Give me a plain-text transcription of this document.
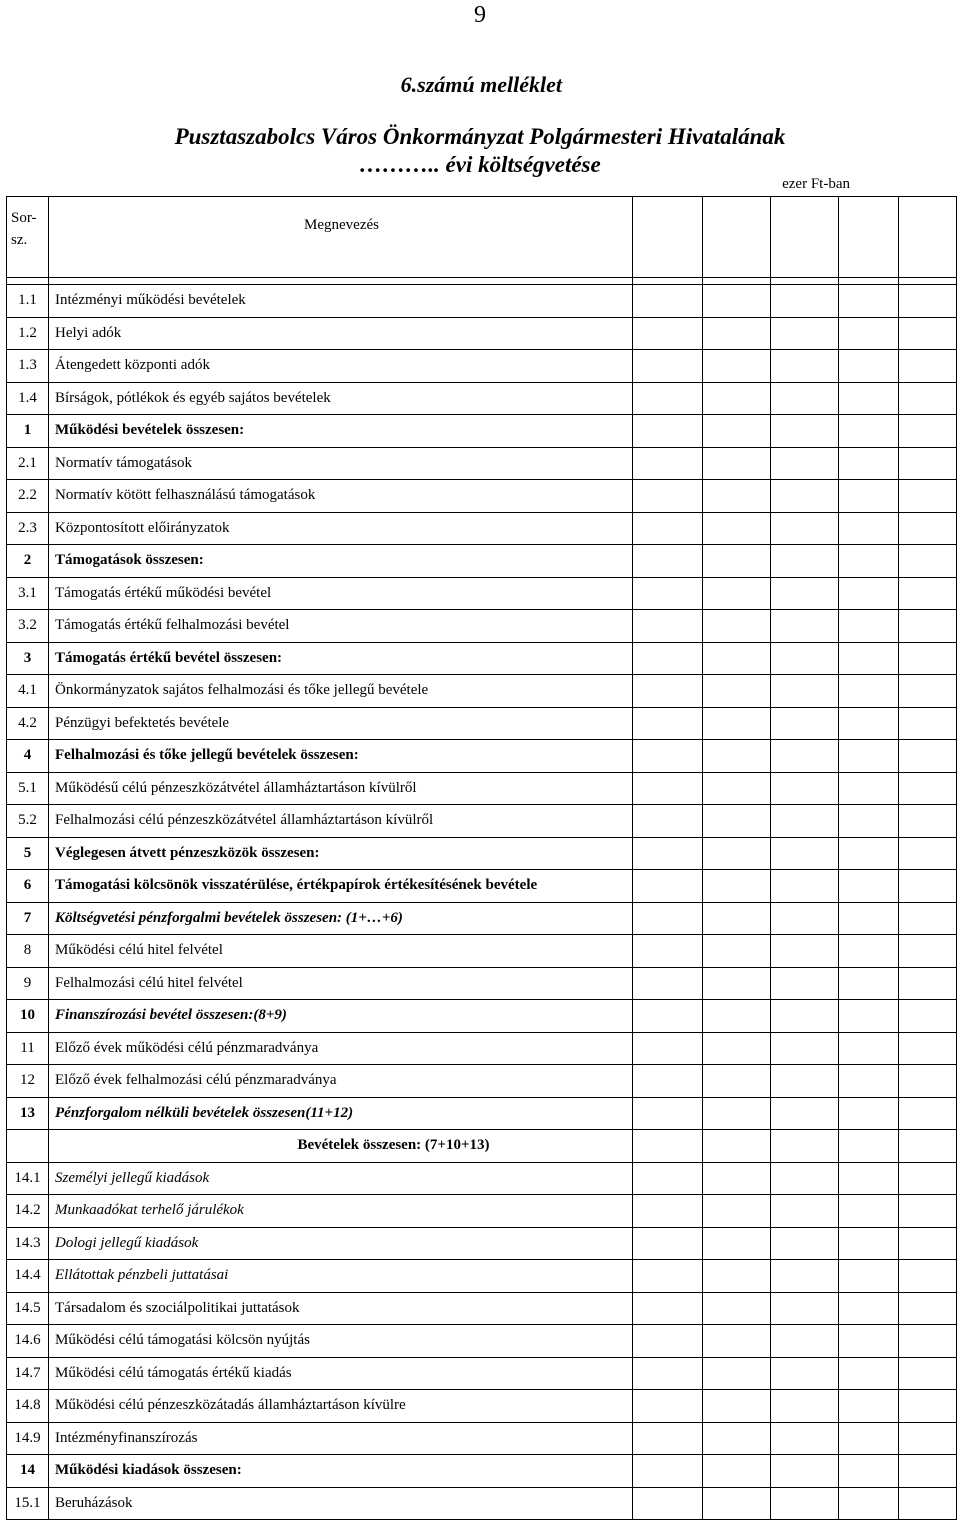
9
6.számú melléklet
Pusztaszabolcs Város Önkormányzat Polgármesteri Hivatalának
……….. évi költségvetése
ezer Ft-ban
Sor-
sz.	Megnevezés					

1.1	Intézményi működési bevételek					
1.2	Helyi adók					
1.3	Átengedett központi adók					
1.4	Bírságok, pótlékok és egyéb sajátos bevételek					
1	Működési bevételek összesen:					
2.1	Normatív támogatások					
2.2	Normatív kötött felhasználású támogatások					
2.3	Központosított előirányzatok					
2	Támogatások összesen:					
3.1	Támogatás értékű működési bevétel					
3.2	Támogatás értékű felhalmozási bevétel					
3	Támogatás értékű bevétel összesen:					
4.1	Önkormányzatok sajátos felhalmozási és tőke jellegű bevétele					
4.2	Pénzügyi befektetés bevétele					
4	Felhalmozási és tőke jellegű bevételek összesen:					
5.1	Működésű célú pénzeszközátvétel államháztartáson kívülről					
5.2	Felhalmozási célú pénzeszközátvétel államháztartáson kívülről					
5	Véglegesen átvett pénzeszközök összesen:					
6	Támogatási kölcsönök visszatérülése, értékpapírok értékesítésének bevétele					
7	Költségvetési pénzforgalmi bevételek összesen: (1+…+6)					
8	Működési célú hitel felvétel					
9	Felhalmozási célú hitel felvétel					
10	Finanszírozási bevétel összesen:(8+9)					
11	Előző évek működési célú pénzmaradványa					
12	Előző évek felhalmozási célú pénzmaradványa					
13	Pénzforgalom nélküli bevételek összesen(11+12)					
	Bevételek összesen: (7+10+13)					
14.1	Személyi jellegű kiadások					
14.2	Munkaadókat terhelő járulékok					
14.3	Dologi jellegű kiadások					
14.4	Ellátottak pénzbeli juttatásai					
14.5	Társadalom és szociálpolitikai juttatások					
14.6	Működési célú támogatási kölcsön nyújtás					
14.7	Működési célú támogatás értékű kiadás					
14.8	Működési célú pénzeszközátadás államháztartáson kívülre					
14.9	Intézményfinanszírozás					
14	Működési kiadások összesen:					
15.1	Beruházások					
